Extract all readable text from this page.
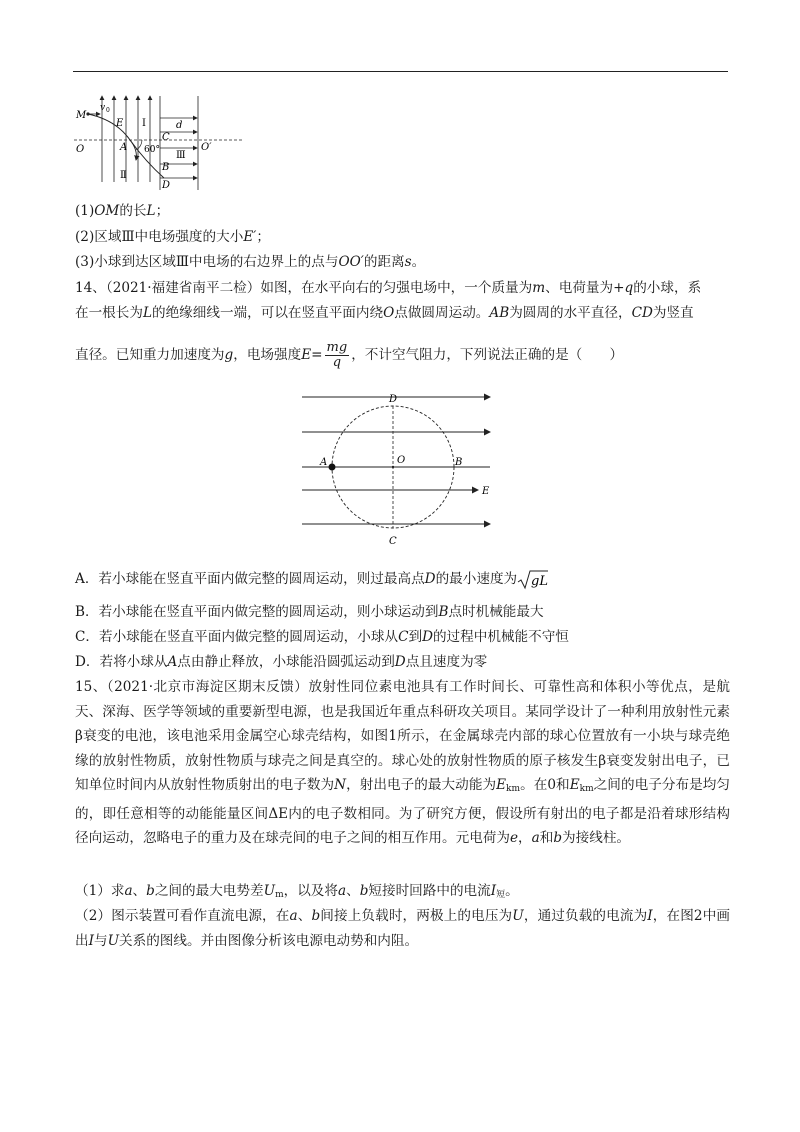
M
v 0
E Ⅰ
O	A 60°
C
d
Ⅲ
O′
B
Ⅱ
D
(1)OM的长L；
(2)区域Ⅲ中电场强度的大小E′；
(3)小球到达区域Ⅲ中电场的右边界上的点与OO′的距离s。
14、（2021·福建省南平二检）如图，在水平向右的匀强电场中，一个质量为m、电荷量为+q的小球，系
在一根长为L的绝缘细线一端，可以在竖直平面内绕O点做圆周运动。AB为圆周的水平直径，CD为竖直
直径。已知重力加速度为g，电场强度$E= \frac{mg}{q}$ ，不计空气阻力，下列说法正确的是（　　）
D
A	O	B
E
C
A．若小球能在竖直平面内做完整的圆周运动，则过最高点D的最小速度为 gL
B．若小球能在竖直平面内做完整的圆周运动，则小球运动到B点时机械能最大
C．若小球能在竖直平面内做完整的圆周运动，小球从C到D的过程中机械能不守恒
D．若将小球从A点由静止释放，小球能沿圆弧运动到D点且速度为零
15、（2021·北京市海淀区期末反馈）放射性同位素电池具有工作时间长、可靠性高和体积小等优点，是航天、深海、医学等领域的重要新型电源，也是我国近年重点科研攻关项目。某同学设计了一种利用放射性元素β衰变的电池，该电池采用金属空心球壳结构，如图1所示，在金属球壳内部的球心位置放有一小块与球壳绝缘的放射性物质，放射性物质与球壳之间是真空的。球心处的放射性物质的原子核发生β衰变发射出电子，已知单位时间内从放射性物质射出的电子数为N，射出电子的最大动能为$E_{km}$。在0和$E_{km}$之间的电子分布是均匀的，即任意相等的动能能量区间ΔE内的电子数相同。为了研究方便，假设所有射出的电子都是沿着球形结构径向运动，忽略电子的重力及在球壳间的电子之间的相互作用。元电荷为e，a和b为接线柱。
（1）求a、b之间的最大电势差$U_m$，以及将a、b短接时回路中的电流$I_短$。
（2）图示装置可看作直流电源，在a、b间接上负载时，两极上的电压为U，通过负载的电流为I，在图2中画出I与U关系的图线。并由图像分析该电源电动势和内阻。
